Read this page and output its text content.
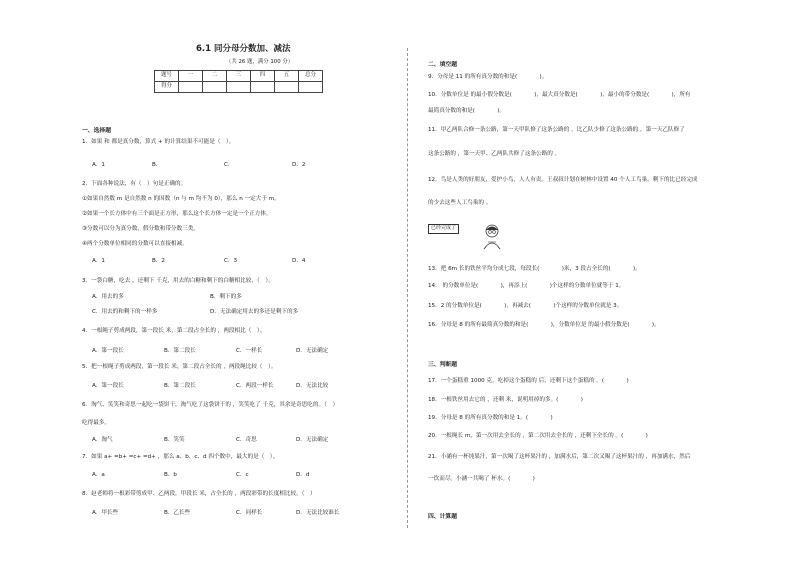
6.1 同分母分数加、减法
（共 26 题，满分 100 分）
题号	一	二	三	四	五	总分
得分						
一、选择题
1．如果 和 都是真分数，算式 + 的计算结果不可能是（　）。
A．1	B．	C．	D．2
2．下面各种说法，有（　）句是正确的。
①如果自然数 m 是自然数 n 的因数（n 与 m 均不为 0），那么 n 一定大于 m。
②如果一个长方体中有三个面是正方形，那么这个长方体一定是一个正方体。
③分数可以分为真分数、假分数和带分数三类。
④两个分数单位相同的分数可以直接相减。
A．1	B．2	C．3	D．4
3．一袋白糖，吃去 ，还剩下 千克，用去的白糖和剩下的白糖相比较，（　）。
A．用去的多	B．剩下的多
C．用去的和剩下的一样多	D．无法确定用去的多还是剩下的多
4．一根绳子剪成两段，第一段长 米，第二段占全长的 ，两段相比（　）。
A．第一段长	B．第二段长	C．一样长	D．无法确定
5．把一根绳子剪成两段，第一段长 米，第二段占全长的 ，两段绳比较（　）。
A．第一段长	B．第二段长	C．两段一样长	D．无法比较
6．淘气、笑笑和奇思一起吃一袋饼干，淘气吃了这袋饼干的 ，笑笑吃了 千克，其余是奇思吃的。（　）
吃得最多。
A．淘气	B．笑笑	C．奇思	D．无法确定
7．如果 a+ =b+ =c+ =d+ ，那么 a、b、c、d 四个数中，最大的是（　）。
A．a	B．b	C．c	D．d
8．赵老师将一根彩带剪成甲、乙两段，甲段长 米，占全长的 ，两段彩带的长度相比较，（　）
A．甲长些	B．乙长些	C．同样长	D．无法比较谁长
二、填空题
9．分母是 11 的所有真分数的和是(　　　　)。
10．分数单位是 的最小假分数是(　　　　)，最大真分数是(　　　　)，最小的带分数是(　　　　)，所有
最简真分数的和是(　　　　)。
11．甲乙两队合修一条公路，第一天甲队修了这条公路的 ，比乙队少修了这条公路的 ，第一天乙队修了
这条公路的 ，第一天甲、乙两队共修了这条公路的 。
12．鸟是人类的好朋友，爱护小鸟，人人有责。王叔叔计划在树林中设置 40 个人工鸟巢，剩下的比已经完成
的少去这些人工鸟巢的 。
已经完成了
13．把 6m 长的铁丝平均分成七段，每段长(　　　　)米，3 段占全长的(　　　　)。
14． 的分数单位是(　　　　)，再添上(　　　　)个这样的分数单位就等于 1。
15．2 的分数单位是(　　　　)，再减去(　　　　)个这样的分数单位就是 3。
16．分母是 8 的所有最简真分数的和是(　　　　)，分数单位是 的最小假分数是(　　　　)。
三、判断题
17．一个蛋糕重 1000 克，吃掉这个蛋糕的 后，还剩下这个蛋糕的 。(　　　　)
18．一根铁丝用去它的 ，还剩 米，说明用掉的多。(　　　　)
19．分母是 8 的所有真分数的和是 1。(　　　　)
20．一根绳长 m，第一次用去全长的 ，第二次用去全长的 ，还剩下全长的 。(　　　　)
21．小涵有一杯纯果汁，第一次喝了这杯果汁的 ，加满水后，第二次又喝了这杯果汁的 ，再加满水，然后
一饮而尽。小涵一共喝了 杯水。(　　　　)
四、计算题
